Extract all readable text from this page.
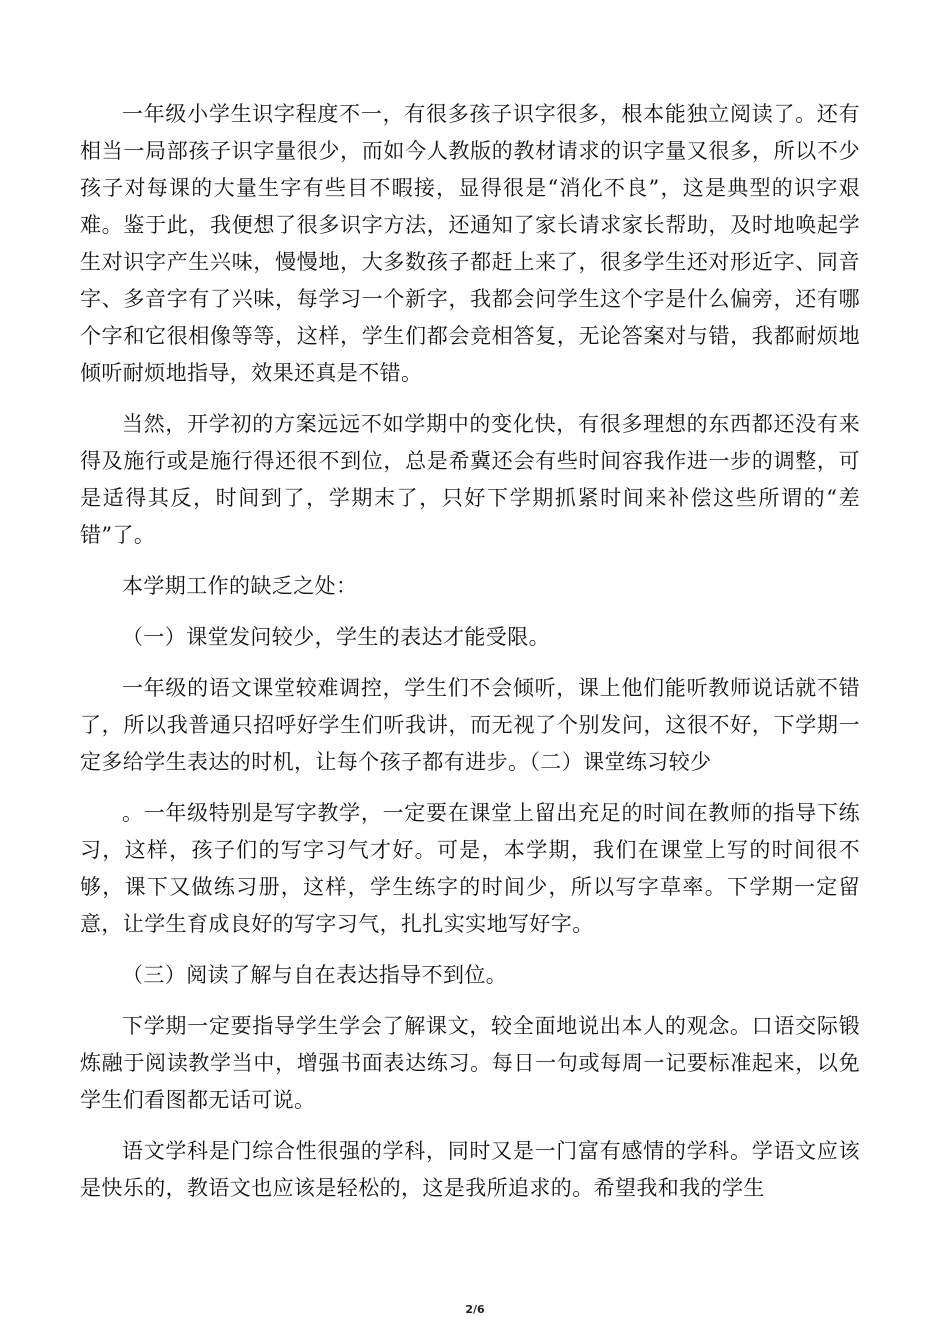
一年级小学生识字程度不一，有很多孩子识字很多，根本能独立阅读了。还有相当一局部孩子识字量很少，而如今人教版的教材请求的识字量又很多，所以不少孩子对每课的大量生字有些目不暇接，显得很是“消化不良”，这是典型的识字艰难。鉴于此，我便想了很多识字方法，还通知了家长请求家长帮助，及时地唤起学生对识字产生兴味，慢慢地，大多数孩子都赶上来了，很多学生还对形近字、同音字、多音字有了兴味，每学习一个新字，我都会问学生这个字是什么偏旁，还有哪个字和它很相像等等，这样，学生们都会竞相答复，无论答案对与错，我都耐烦地倾听耐烦地指导，效果还真是不错。

当然，开学初的方案远远不如学期中的变化快，有很多理想的东西都还没有来得及施行或是施行得还很不到位，总是希冀还会有些时间容我作进一步的调整，可是适得其反，时间到了，学期末了，只好下学期抓紧时间来补偿这些所谓的“差错”了。

本学期工作的缺乏之处：

（一）课堂发问较少，学生的表达才能受限。

一年级的语文课堂较难调控，学生们不会倾听，课上他们能听教师说话就不错了，所以我普通只招呼好学生们听我讲，而无视了个别发问，这很不好，下学期一定多给学生表达的时机，让每个孩子都有进步。（二）课堂练习较少

。一年级特别是写字教学，一定要在课堂上留出充足的时间在教师的指导下练习，这样，孩子们的写字习气才好。可是，本学期，我们在课堂上写的时间很不够，课下又做练习册，这样，学生练字的时间少，所以写字草率。下学期一定留意，让学生育成良好的写字习气，扎扎实实地写好字。

（三）阅读了解与自在表达指导不到位。

下学期一定要指导学生学会了解课文，较全面地说出本人的观念。口语交际锻炼融于阅读教学当中，增强书面表达练习。每日一句或每周一记要标准起来，以免学生们看图都无话可说。

语文学科是门综合性很强的学科，同时又是一门富有感情的学科。学语文应该是快乐的，教语文也应该是轻松的，这是我所追求的。希望我和我的学生

2/6
